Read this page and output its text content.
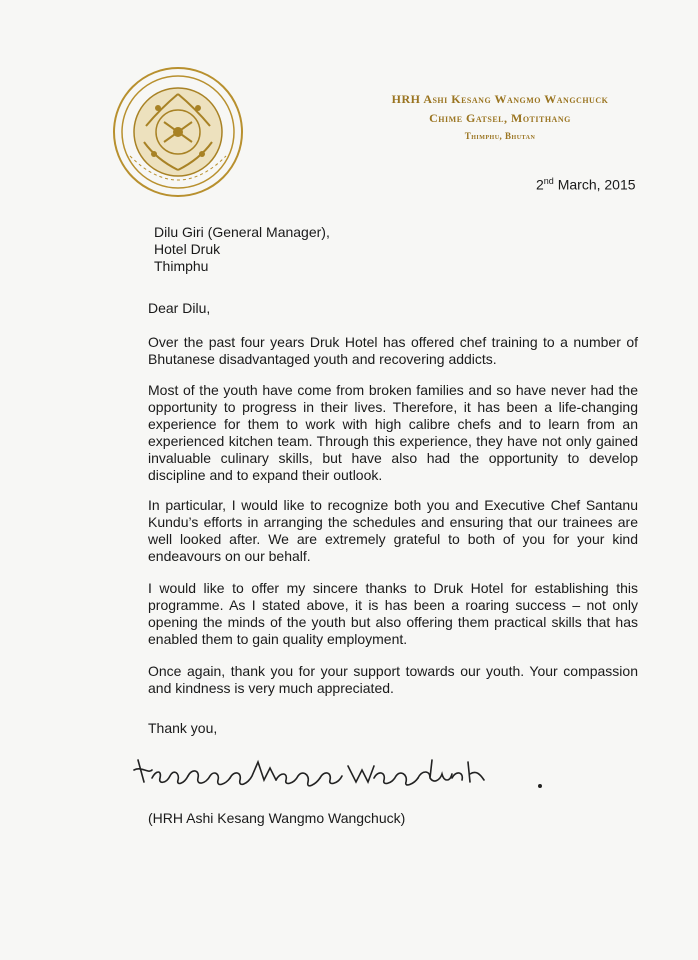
HRH Ashi Kesang Wangmo Wangchuck
Chime Gatsel, Motithang
Thimphu, Bhutan
2nd March, 2015
Dilu Giri (General Manager),
Hotel Druk
Thimphu
Dear Dilu,
Over the past four years Druk Hotel has offered chef training to a number of Bhutanese disadvantaged youth and recovering addicts.
Most of the youth have come from broken families and so have never had the opportunity to progress in their lives. Therefore, it has been a life-changing experience for them to work with high calibre chefs and to learn from an experienced kitchen team. Through this experience, they have not only gained invaluable culinary skills, but have also had the opportunity to develop discipline and to expand their outlook.
In particular, I would like to recognize both you and Executive Chef Santanu Kundu’s efforts in arranging the schedules and ensuring that our trainees are well looked after. We are extremely grateful to both of you for your kind endeavours on our behalf.
I would like to offer my sincere thanks to Druk Hotel for establishing this programme. As I stated above, it is has been a roaring success – not only opening the minds of the youth but also offering them practical skills that has enabled them to gain quality employment.
Once again, thank you for your support towards our youth. Your compassion and kindness is very much appreciated.
Thank you,
(HRH Ashi Kesang Wangmo Wangchuck)
